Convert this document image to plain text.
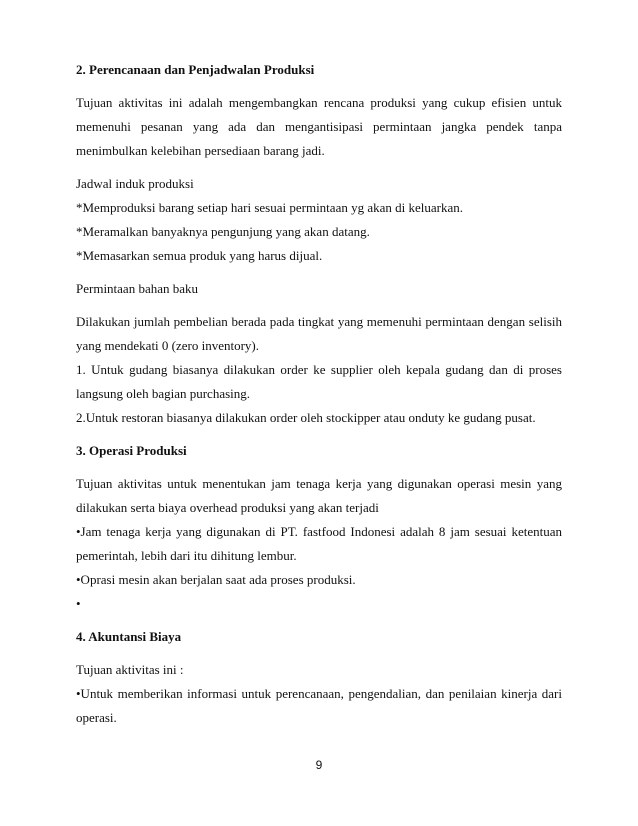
2. Perencanaan dan Penjadwalan Produksi

Tujuan aktivitas ini adalah mengembangkan rencana produksi yang cukup efisien untuk memenuhi pesanan yang ada dan mengantisipasi permintaan jangka pendek tanpa menimbulkan kelebihan persediaan barang jadi.

Jadwal induk produksi
*Memproduksi barang setiap hari sesuai permintaan yg akan di keluarkan.
*Meramalkan banyaknya pengunjung yang akan datang.
*Memasarkan semua produk yang harus dijual.

Permintaan bahan baku

Dilakukan jumlah pembelian berada pada tingkat yang memenuhi permintaan dengan selisih yang mendekati 0 (zero inventory).
1. Untuk gudang biasanya dilakukan order ke supplier oleh kepala gudang dan di proses langsung oleh bagian purchasing.
2.Untuk restoran biasanya dilakukan order oleh stockipper atau onduty ke gudang pusat.

3. Operasi Produksi

Tujuan aktivitas untuk menentukan jam tenaga kerja yang digunakan operasi mesin yang dilakukan serta biaya overhead produksi yang akan terjadi
•Jam tenaga kerja yang digunakan di PT. fastfood Indonesi adalah 8 jam sesuai ketentuan pemerintah, lebih dari itu dihitung lembur.
•Oprasi mesin akan berjalan saat ada proses produksi.
•

4. Akuntansi Biaya

Tujuan aktivitas ini :
•Untuk memberikan informasi untuk perencanaan, pengendalian, dan penilaian kinerja dari operasi.

9
